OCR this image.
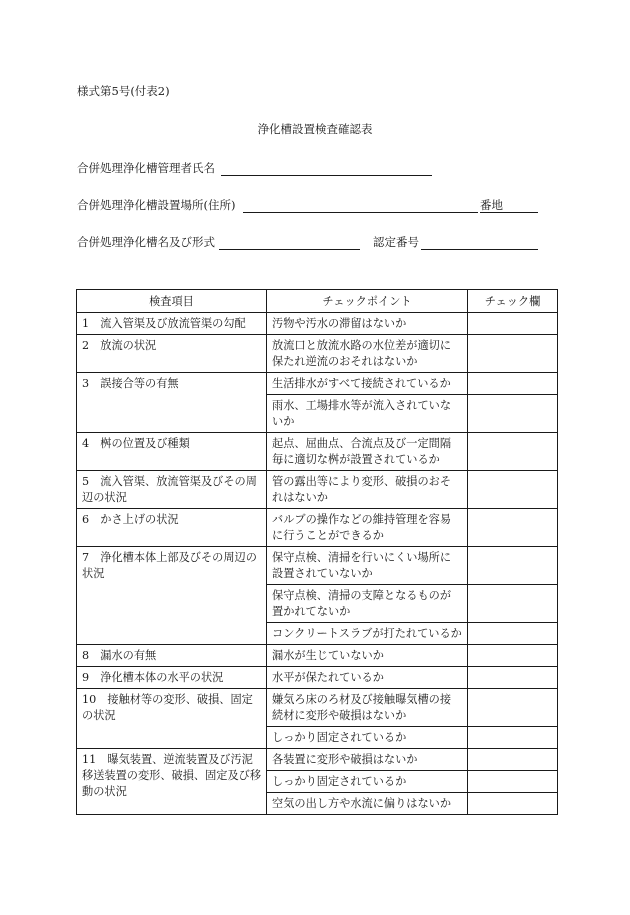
様式第5号(付表2)
浄化槽設置検査確認表
合併処理浄化槽管理者氏名
合併処理浄化槽設置場所(住所)	番地
合併処理浄化槽名及び形式	認定番号
検査項目	チェックポイント	チェック欄
1　流入管渠及び放流管渠の勾配	汚物や汚水の滞留はないか	
2　放流の状況	放流口と放流水路の水位差が適切に保たれ逆流のおそれはないか	
3　誤接合等の有無	生活排水がすべて接続されているか	
	雨水、工場排水等が流入されていないか	
4　桝の位置及び種類	起点、屈曲点、合流点及び一定間隔毎に適切な桝が設置されているか	
5　流入管渠、放流管渠及びその周辺の状況	管の露出等により変形、破損のおそれはないか	
6　かさ上げの状況	バルブの操作などの維持管理を容易に行うことができるか	
7　浄化槽本体上部及びその周辺の状況	保守点検、清掃を行いにくい場所に設置されていないか	
	保守点検、清掃の支障となるものが置かれてないか	
	コンクリートスラブが打たれているか	
8　漏水の有無	漏水が生じていないか	
9　浄化槽本体の水平の状況	水平が保たれているか	
10　接触材等の変形、破損、固定の状況	嫌気ろ床のろ材及び接触曝気槽の接続材に変形や破損はないか	
	しっかり固定されているか	
11　曝気装置、逆流装置及び汚泥移送装置の変形、破損、固定及び移動の状況	各装置に変形や破損はないか	
	しっかり固定されているか	
	空気の出し方や水流に偏りはないか	
